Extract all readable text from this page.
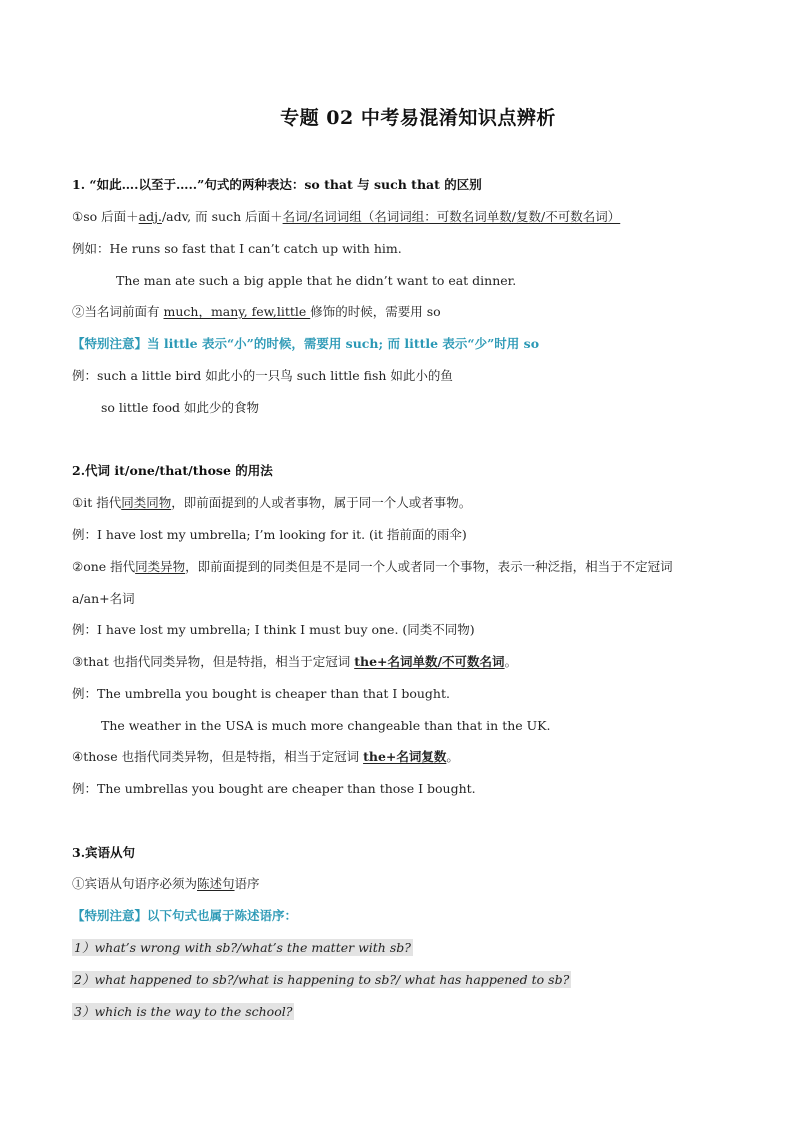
专题 02 中考易混淆知识点辨析
1. “如此….以至于…..”句式的两种表达：so that 与 such that 的区别
①so 后面＋adj./adv, 而 such 后面＋名词/名词词组（名词词组：可数名词单数/复数/不可数名词）
例如：He runs so fast that I can’t catch up with him.
The man ate such a big apple that he didn’t want to eat dinner.
②当名词前面有 much，many, few,little 修饰的时候，需要用 so
【特别注意】当 little 表示“小”的时候，需要用 such; 而 little 表示“少”时用 so
例：such a little bird 如此小的一只鸟 such little fish 如此小的鱼
so little food 如此少的食物
2.代词 it/one/that/those 的用法
①it 指代同类同物，即前面提到的人或者事物，属于同一个人或者事物。
例：I have lost my umbrella; I’m looking for it. (it 指前面的雨伞)
②one 指代同类异物，即前面提到的同类但是不是同一个人或者同一个事物，表示一种泛指，相当于不定冠词 a/an+名词
例：I have lost my umbrella; I think I must buy one. (同类不同物)
③that 也指代同类异物，但是特指，相当于定冠词 the+名词单数/不可数名词。
例：The umbrella you bought is cheaper than that I bought.
The weather in the USA is much more changeable than that in the UK.
④those 也指代同类异物，但是特指，相当于定冠词 the+名词复数。
例：The umbrellas you bought are cheaper than those I bought.
3.宾语从句
①宾语从句语序必须为陈述句语序
【特别注意】以下句式也属于陈述语序：
1）what’s wrong with sb?/what’s the matter with sb?
2）what happened to sb?/what is happening to sb?/ what has happened to sb?
3）which is the way to the school?
